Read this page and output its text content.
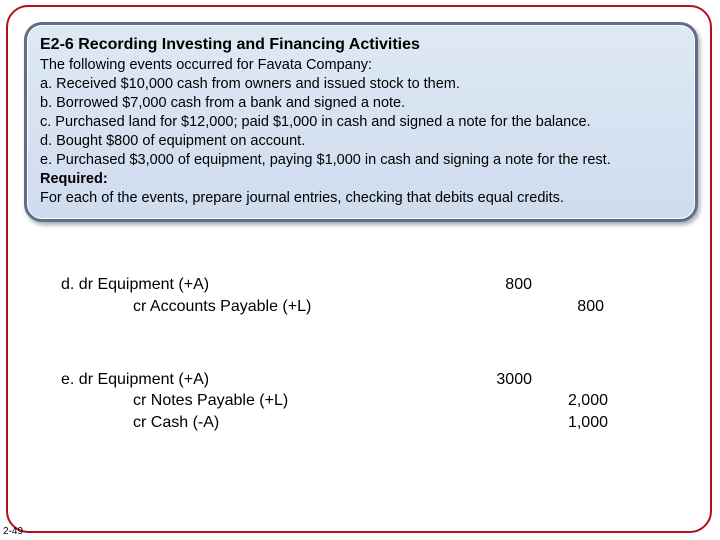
E2-6 Recording Investing and Financing Activities
The following events occurred for Favata Company:
a. Received $10,000 cash from owners and issued stock to them.
b. Borrowed $7,000 cash from a bank and signed a note.
c. Purchased land for $12,000; paid $1,000 in cash and signed a note for the balance.
d. Bought $800 of equipment on account.
e. Purchased $3,000 of equipment, paying $1,000 in cash and signing a note for the rest.
Required:
For each of the events, prepare journal entries, checking that debits equal credits.
d. dr Equipment (+A)	800
cr Accounts Payable (+L)	800
e. dr Equipment (+A)	3000
cr Notes Payable (+L)	2,000
cr Cash (-A)	1,000
2-49
